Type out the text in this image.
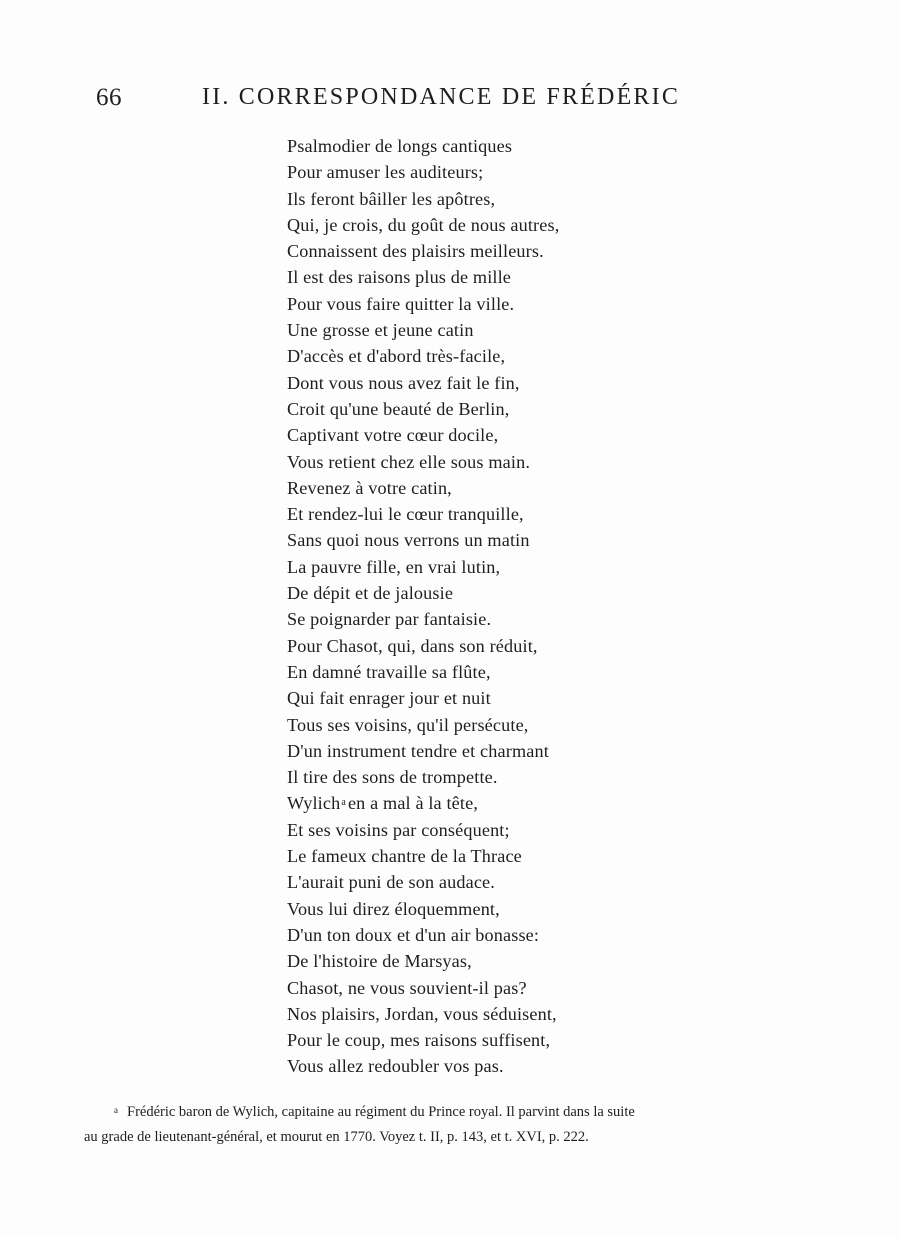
66	II. CORRESPONDANCE DE FRÉDÉRIC
Psalmodier de longs cantiques
Pour amuser les auditeurs;
Ils feront bâiller les apôtres,
Qui, je crois, du goût de nous autres,
Connaissent des plaisirs meilleurs.
Il est des raisons plus de mille
Pour vous faire quitter la ville.
Une grosse et jeune catin
D'accès et d'abord très-facile,
Dont vous nous avez fait le fin,
Croit qu'une beauté de Berlin,
Captivant votre cœur docile,
Vous retient chez elle sous main.
Revenez à votre catin,
Et rendez-lui le cœur tranquille,
Sans quoi nous verrons un matin
La pauvre fille, en vrai lutin,
De dépit et de jalousie
Se poignarder par fantaisie.
Pour Chasot, qui, dans son réduit,
En damné travaille sa flûte,
Qui fait enrager jour et nuit
Tous ses voisins, qu'il persécute,
D'un instrument tendre et charmant
Il tire des sons de trompette.
Wylich$^a$ en a mal à la tête,
Et ses voisins par conséquent;
Le fameux chantre de la Thrace
L'aurait puni de son audace.
Vous lui direz éloquemment,
D'un ton doux et d'un air bonasse:
De l'histoire de Marsyas,
Chasot, ne vous souvient-il pas?
Nos plaisirs, Jordan, vous séduisent,
Pour le coup, mes raisons suffisent,
Vous allez redoubler vos pas.
$^a$ Frédéric baron de Wylich, capitaine au régiment du Prince royal. Il parvint dans la suite
au grade de lieutenant-général, et mourut en 1770. Voyez t. II, p. 143, et t. XVI, p. 222.
